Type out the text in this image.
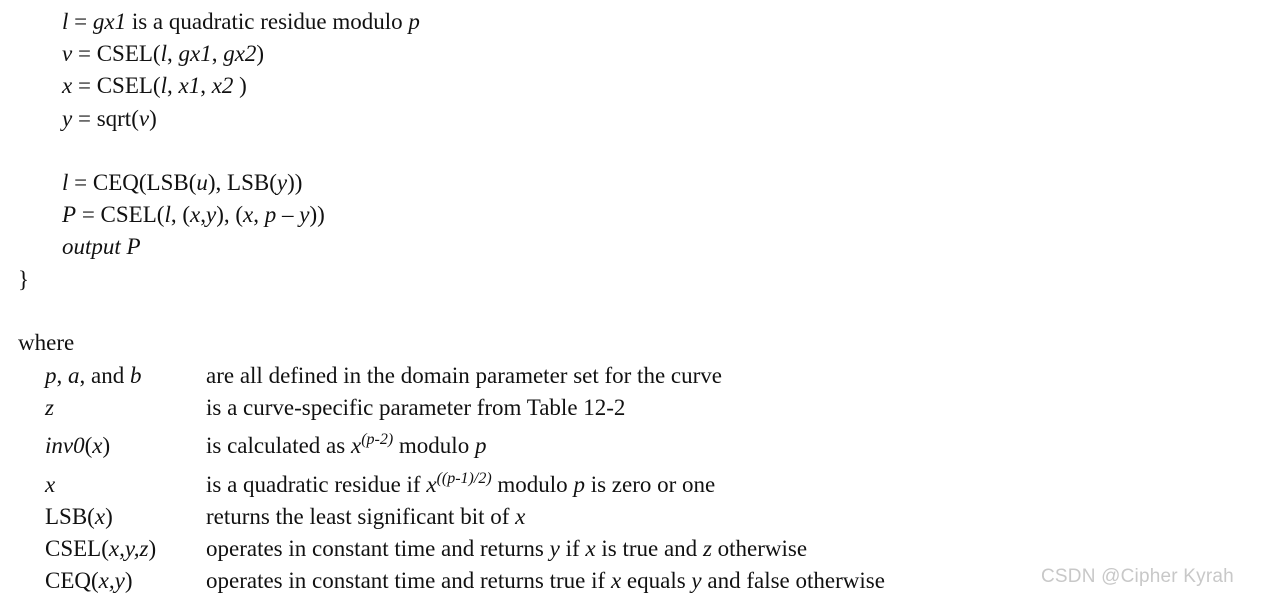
l = gx1 is a quadratic residue modulo p
v = CSEL(l, gx1, gx2)
x = CSEL(l, x1, x2 )
y = sqrt(v)
l = CEQ(LSB(u), LSB(y))
P = CSEL(l, (x,y), (x, p – y))
output P
}
where
p, a, and b	are all defined in the domain parameter set for the curve
z	is a curve-specific parameter from Table 12-2
inv0(x)	is calculated as $x^{(p-2)}$ modulo p
x	is a quadratic residue if $x^{((p-1)/2)}$ modulo p is zero or one
LSB(x)	returns the least significant bit of x
CSEL(x,y,z) operates in constant time and returns y if x is true and z otherwise
CEQ(x,y)	operates in constant time and returns true if x equals y and false otherwise	CSDN @Cipher Kyrah
